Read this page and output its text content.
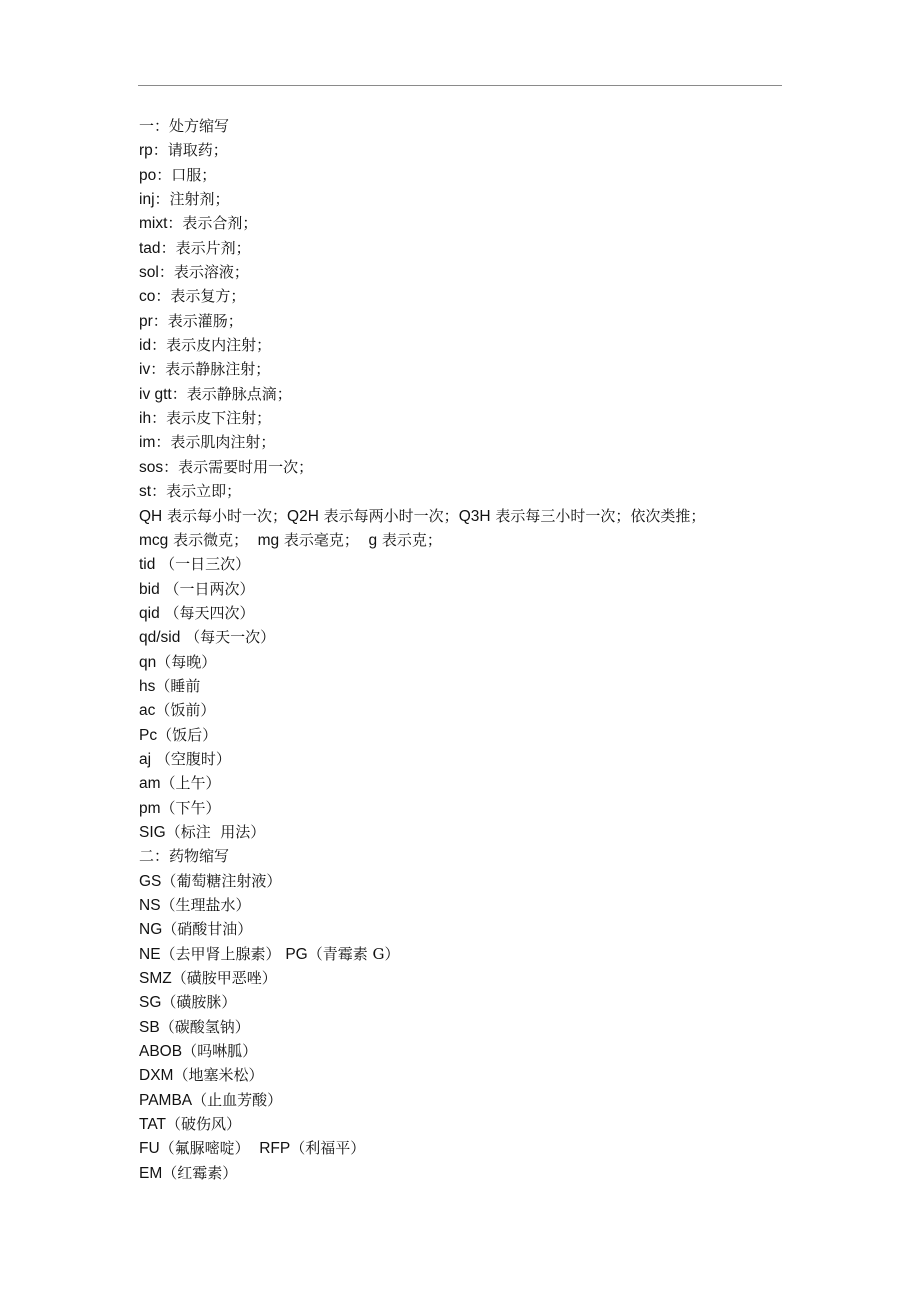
一：处方缩写
rp：请取药；
po：口服；
inj：注射剂；
mixt：表示合剂；
tad：表示片剂；
sol：表示溶液；
co：表示复方；
pr：表示灌肠；
id：表示皮内注射；
iv：表示静脉注射；
iv gtt：表示静脉点滴；
ih：表示皮下注射；
im：表示肌肉注射；
sos：表示需要时用一次；
st：表示立即；
QH 表示每小时一次；Q2H 表示每两小时一次；Q3H 表示每三小时一次；依次类推；
mcg 表示微克；  mg 表示毫克；  g 表示克；
tid （一日三次）
bid （一日两次）
qid （每天四次）
qd/sid （每天一次）
qn（每晚）
hs（睡前
ac（饭前）
Pc（饭后）
aj （空腹时）
am（上午）
pm（下午）
SIG（标注  用法）
二：药物缩写
GS（葡萄糖注射液）
NS（生理盐水）
NG（硝酸甘油）
NE（去甲肾上腺素） PG（青霉素 G）
SMZ（磺胺甲恶唑）
SG（磺胺脒）
SB（碳酸氢钠）
ABOB（吗啉胍）
DXM（地塞米松）
PAMBA（止血芳酸）
TAT（破伤风）
FU（氟脲嘧啶） RFP（利福平）
EM（红霉素）
